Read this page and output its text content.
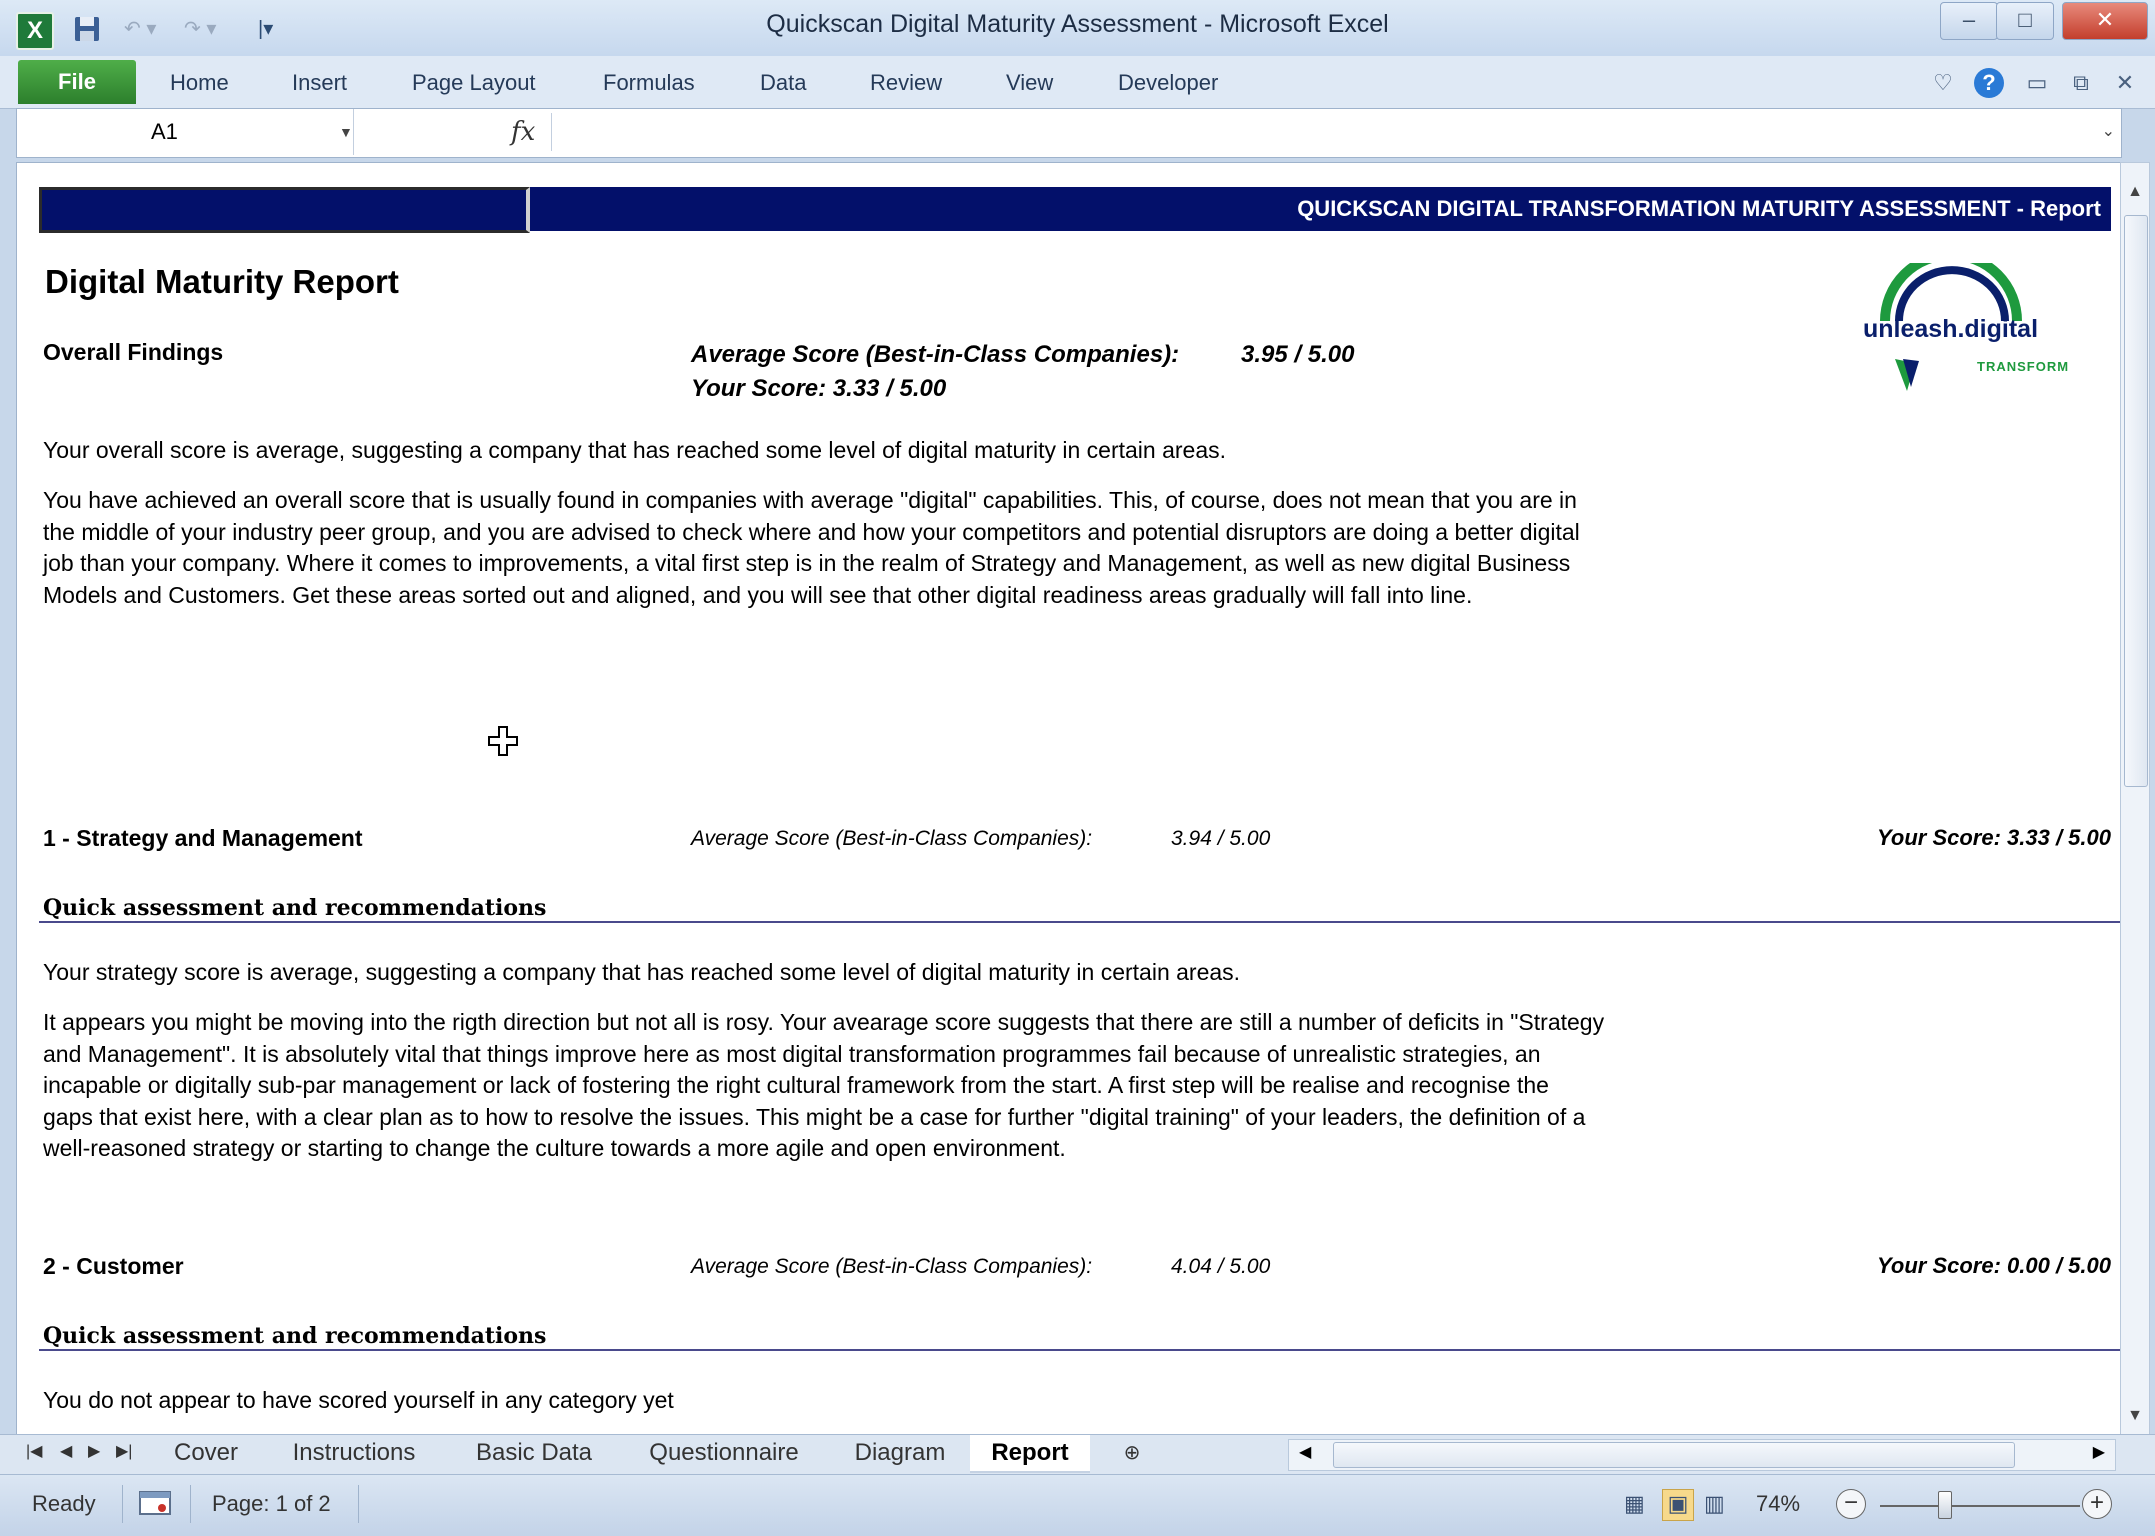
X	↶ ▾ ↷ ▾ |▾	Quickscan Digital Maturity Assessment - Microsoft Excel	–	□	✕
File	Home	Insert	Page Layout	Formulas	Data	Review	View	Developer	♡	?	▭	⧉	✕
A1	▼	fx	⌄
QUICKSCAN DIGITAL TRANSFORMATION MATURITY ASSESSMENT - Report
Digital Maturity Report
unleash.digital
TRANSFORM
Overall Findings	Average Score (Best-in-Class Companies):	3.95 / 5.00
Your Score: 3.33 / 5.00
Your overall score is average, suggesting a company that has reached some level of digital maturity in certain areas.
You have achieved an overall score that is usually found in companies with average "digital" capabilities. This, of course, does not mean that you are in
the middle of your industry peer group, and you are advised to check where and how your competitors and potential disruptors are doing a better digital
job than your company. Where it comes to improvements, a vital first step is in the realm of Strategy and Management, as well as new digital Business
Models and Customers. Get these areas sorted out and aligned, and you will see that other digital readiness areas gradually will fall into line.
1 - Strategy and Management	Average Score (Best-in-Class Companies):	3.94 / 5.00	Your Score: 3.33 / 5.00
Quick assessment and recommendations
Your strategy score is average, suggesting a company that has reached some level of digital maturity in certain areas.
It appears you might be moving into the rigth direction but not all is rosy. Your avearage score suggests that there are still a number of deficits in "Strategy
and Management". It is absolutely vital that things improve here as most digital transformation programmes fail because of unrealistic strategies, an
incapable or digitally sub-par management or lack of fostering the right cultural framework from the start. A first step will be realise and recognise the
gaps that exist here, with a clear plan as to how to resolve the issues. This might be a case for further "digital training" of your leaders, the definition of a
well-reasoned strategy or starting to change the culture towards a more agile and open environment.
2 - Customer	Average Score (Best-in-Class Companies):	4.04 / 5.00	Your Score: 0.00 / 5.00
Quick assessment and recommendations
You do not appear to have scored yourself in any category yet
▲
▼
|◀ ◀ ▶ ▶|	Cover	Instructions	Basic Data	Questionnaire	Diagram	Report	⊕	◀	▶
Ready	Page: 1 of 2	▦	▣ ▥	74%	−	+
